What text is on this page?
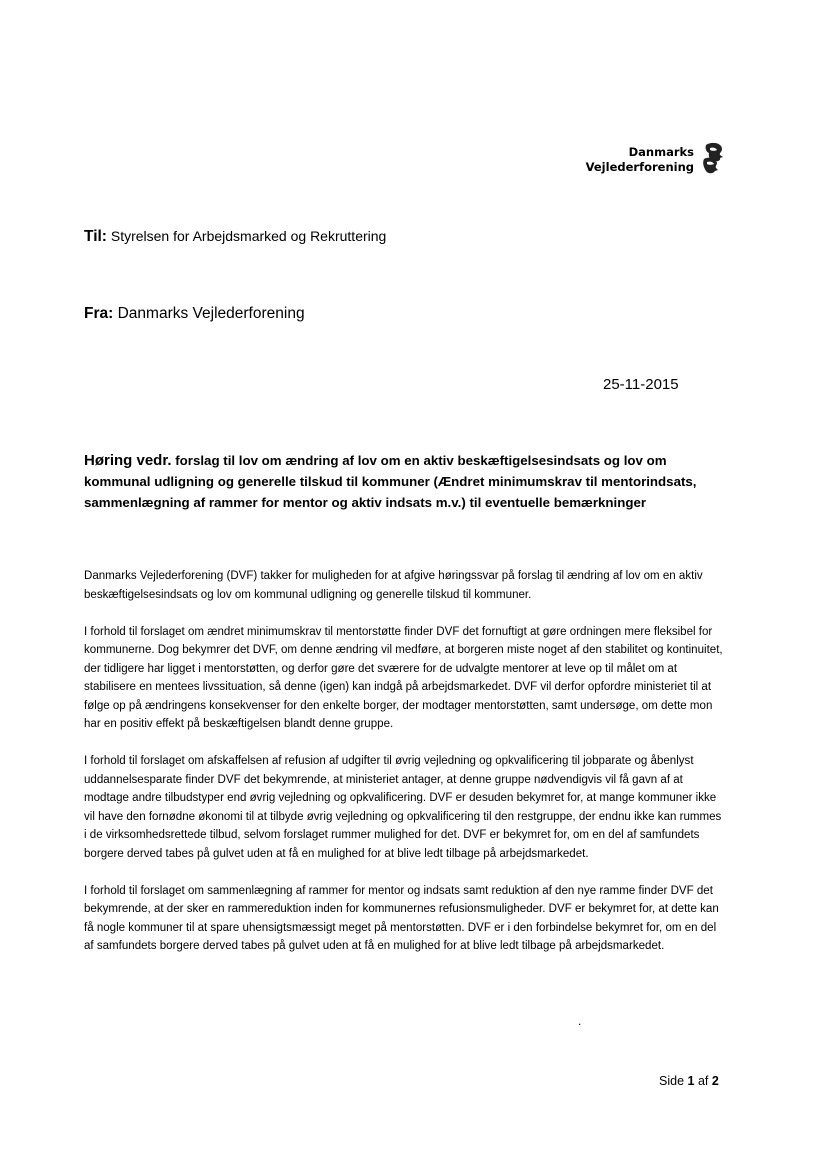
Danmarks
Vejlederforening
Til: Styrelsen for Arbejdsmarked og Rekruttering
Fra: Danmarks Vejlederforening
25-11-2015
Høring vedr. forslag til lov om ændring af lov om en aktiv beskæftigelsesindsats og lov om kommunal udligning og generelle tilskud til kommuner (Ændret minimumskrav til mentorindsats, sammenlægning af rammer for mentor og aktiv indsats m.v.) til eventuelle bemærkninger

Danmarks Vejlederforening (DVF) takker for muligheden for at afgive høringssvar på forslag til ændring af lov om en aktiv beskæftigelsesindsats og lov om kommunal udligning og generelle tilskud til kommuner.

I forhold til forslaget om ændret minimumskrav til mentorstøtte finder DVF det fornuftigt at gøre ordningen mere fleksibel for kommunerne. Dog bekymrer det DVF, om denne ændring vil medføre, at borgeren miste noget af den stabilitet og kontinuitet, der tidligere har ligget i mentorstøtten, og derfor gøre det sværere for de udvalgte mentorer at leve op til målet om at stabilisere en mentees livssituation, så denne (igen) kan indgå på arbejdsmarkedet. DVF vil derfor opfordre ministeriet til at følge op på ændringens konsekvenser for den enkelte borger, der modtager mentorstøtten, samt undersøge, om dette mon har en positiv effekt på beskæftigelsen blandt denne gruppe.

I forhold til forslaget om afskaffelsen af refusion af udgifter til øvrig vejledning og opkvalificering til jobparate og åbenlyst uddannelsesparate finder DVF det bekymrende, at ministeriet antager, at denne gruppe nødvendigvis vil få gavn af at modtage andre tilbudstyper end øvrig vejledning og opkvalificering. DVF er desuden bekymret for, at mange kommuner ikke vil have den fornødne økonomi til at tilbyde øvrig vejledning og opkvalificering til den restgruppe, der endnu ikke kan rummes i de virksomhedsrettede tilbud, selvom forslaget rummer mulighed for det. DVF er bekymret for, om en del af samfundets borgere derved tabes på gulvet uden at få en mulighed for at blive ledt tilbage på arbejdsmarkedet.

I forhold til forslaget om sammenlægning af rammer for mentor og indsats samt reduktion af den nye ramme finder DVF det bekymrende, at der sker en rammereduktion inden for kommunernes refusionsmuligheder. DVF er bekymret for, at dette kan få nogle kommuner til at spare uhensigtsmæssigt meget på mentorstøtten. DVF er i den forbindelse bekymret for, om en del af samfundets borgere derved tabes på gulvet uden at få en mulighed for at blive ledt tilbage på arbejdsmarkedet.

.
Side 1 af 2
